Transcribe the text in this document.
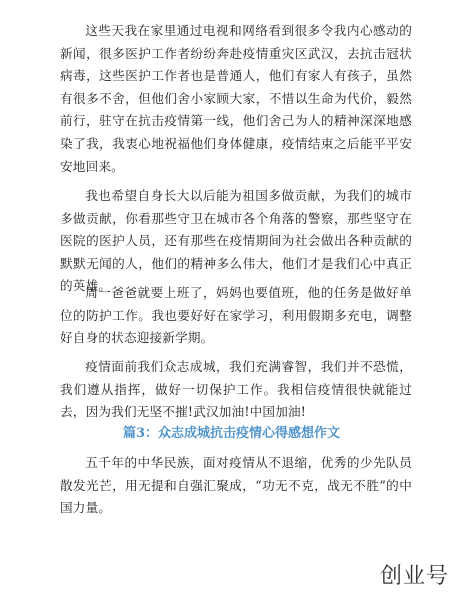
这些天我在家里通过电视和网络看到很多令我内心感动的新闻，很多医护工作者纷纷奔赴疫情重灾区武汉，去抗击冠状病毒，这些医护工作者也是普通人，他们有家人有孩子，虽然有很多不舍，但他们舍小家顾大家，不惜以生命为代价，毅然前行，驻守在抗击疫情第一线，他们舍己为人的精神深深地感染了我，我衷心地祝福他们身体健康，疫情结束之后能平平安安地回来。

我也希望自身长大以后能为祖国多做贡献，为我们的城市多做贡献，你看那些守卫在城市各个角落的警察，那些坚守在医院的医护人员，还有那些在疫情期间为社会做出各种贡献的默默无闻的人，他们的精神多么伟大，他们才是我们心中真正的英雄。

周一爸爸就要上班了，妈妈也要值班，他的任务是做好单位的防护工作。我也要好好在家学习，利用假期多充电，调整好自身的状态迎接新学期。

疫情面前我们众志成城，我们充满睿智，我们并不恐慌，我们遵从指挥，做好一切保护工作。我相信疫情很快就能过去，因为我们无坚不摧!武汉加油!中国加油!

篇3：众志成城抗击疫情心得感想作文

五千年的中华民族，面对疫情从不退缩，优秀的少先队员散发光芒，用无提和自强汇聚成，“功无不克，战无不胜”的中国力量。

创业号
